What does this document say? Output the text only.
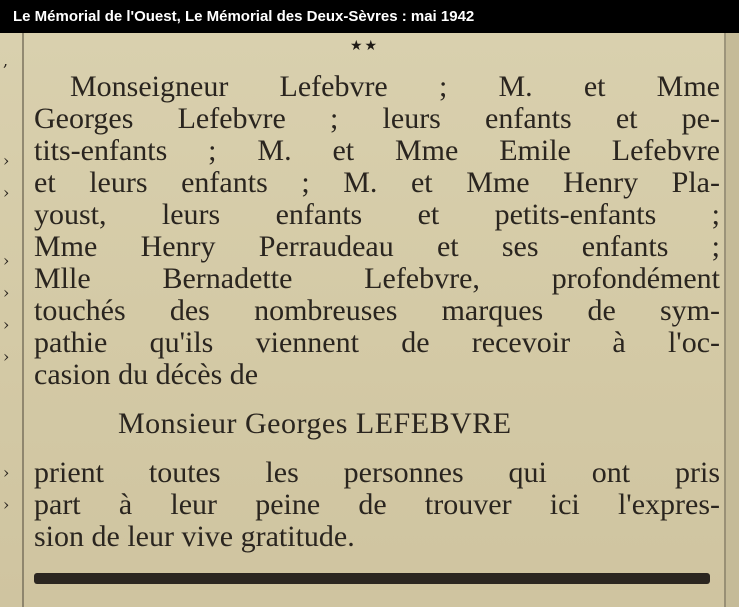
Le Mémorial de l'Ouest, Le Mémorial des Deux-Sèvres : mai 1942
,
›
›
›
›
›
›
›
›
★★
Monseigneur Lefebvre ; M. et Mme
Georges Lefebvre ; leurs enfants et pe-
tits-enfants ; M. et Mme Emile Lefebvre
et leurs enfants ; M. et Mme Henry Pla-
youst, leurs enfants et petits-enfants ;
Mme Henry Perraudeau et ses enfants ;
Mlle Bernadette Lefebvre, profondément
touchés des nombreuses marques de sym-
pathie qu'ils viennent de recevoir à l'oc-
casion du décès de
Monsieur Georges LEFEBVRE
prient toutes les personnes qui ont pris
part à leur peine de trouver ici l'expres-
sion de leur vive gratitude.
